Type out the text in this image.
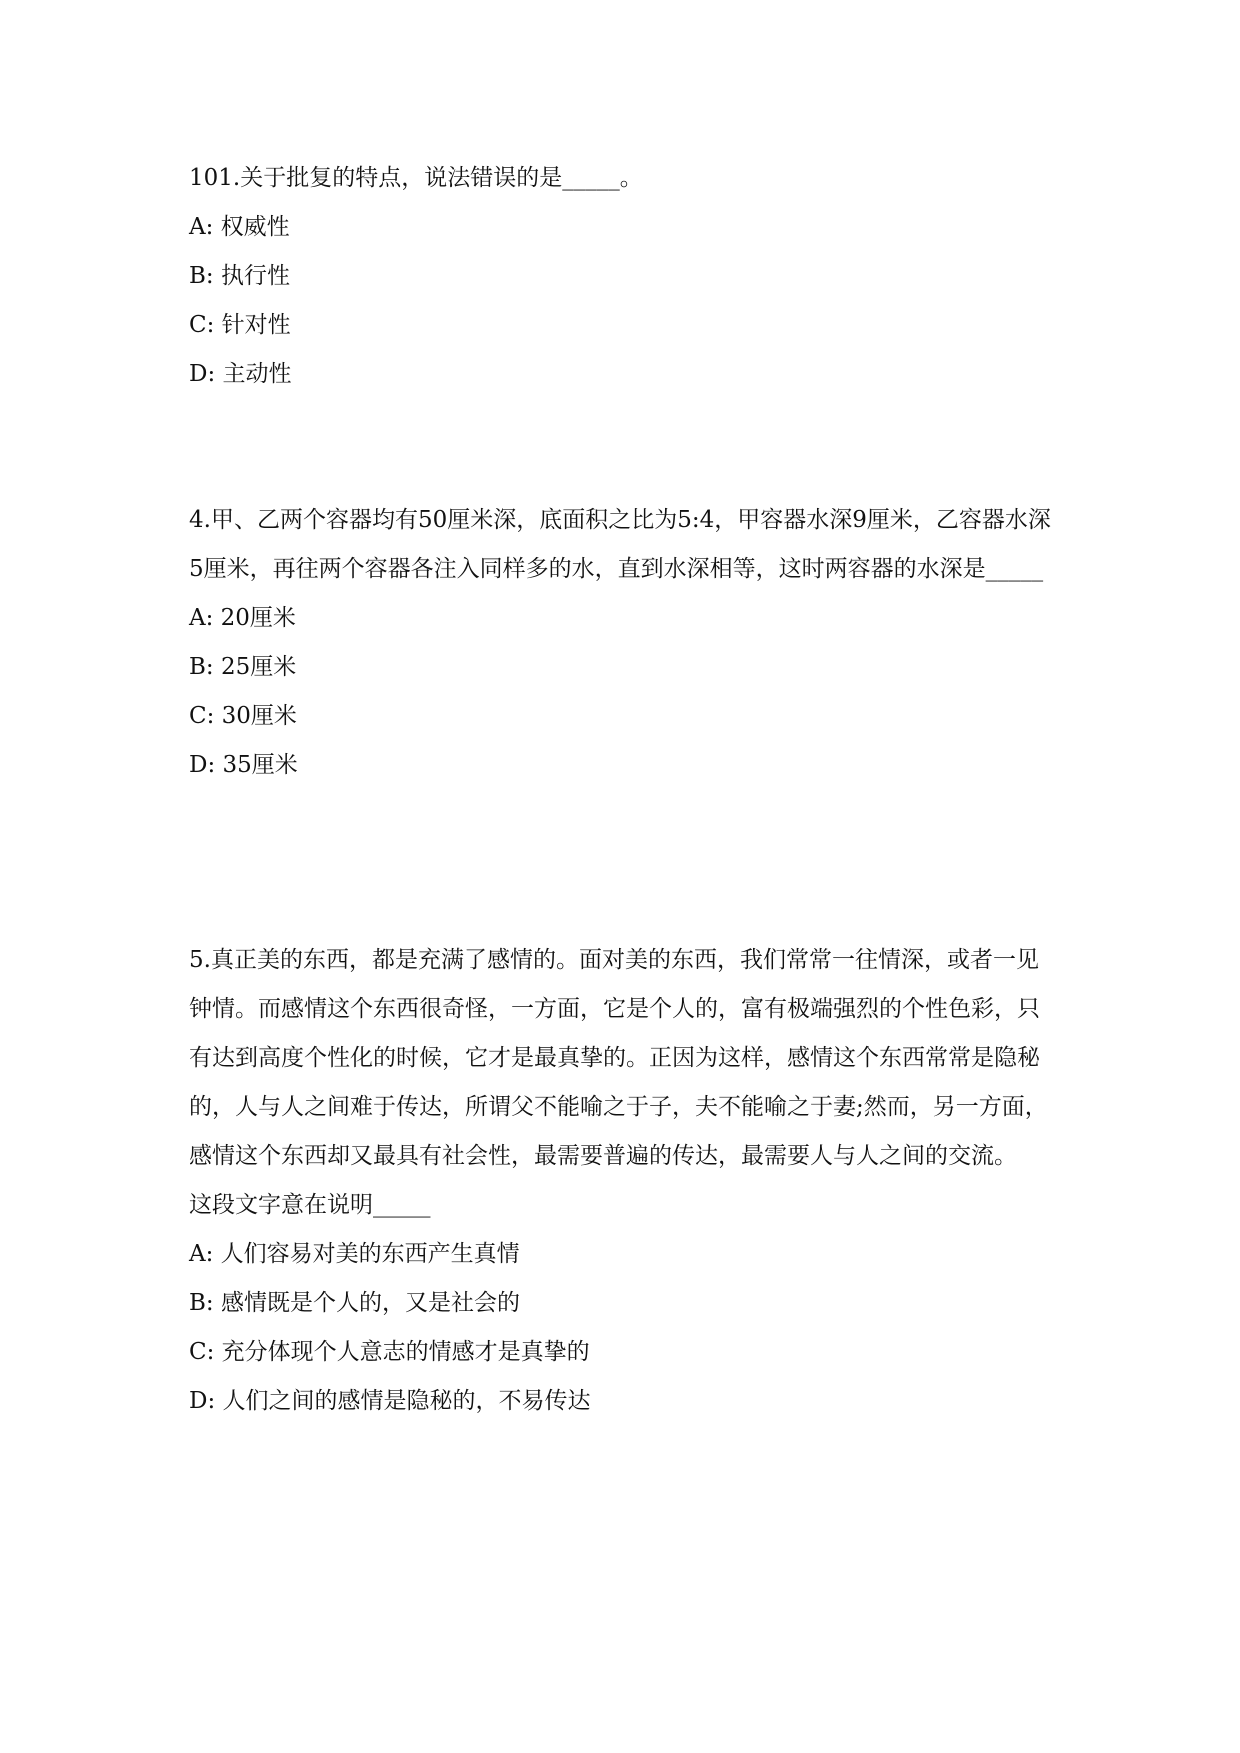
101.关于批复的特点，说法错误的是_____。

A: 权威性

B: 执行性

C: 针对性

D: 主动性

4.甲、乙两个容器均有50厘米深，底面积之比为5:4，甲容器水深9厘米，乙容器水深5厘米，再往两个容器各注入同样多的水，直到水深相等，这时两容器的水深是_____

A: 20厘米

B: 25厘米

C: 30厘米

D: 35厘米

5.真正美的东西，都是充满了感情的。面对美的东西，我们常常一往情深，或者一见钟情。而感情这个东西很奇怪，一方面，它是个人的，富有极端强烈的个性色彩，只有达到高度个性化的时候，它才是最真挚的。正因为这样，感情这个东西常常是隐秘的，人与人之间难于传达，所谓父不能喻之于子，夫不能喻之于妻;然而，另一方面，感情这个东西却又最具有社会性，最需要普遍的传达，最需要人与人之间的交流。

这段文字意在说明_____

A: 人们容易对美的东西产生真情

B: 感情既是个人的，又是社会的

C: 充分体现个人意志的情感才是真挚的

D: 人们之间的感情是隐秘的，不易传达
